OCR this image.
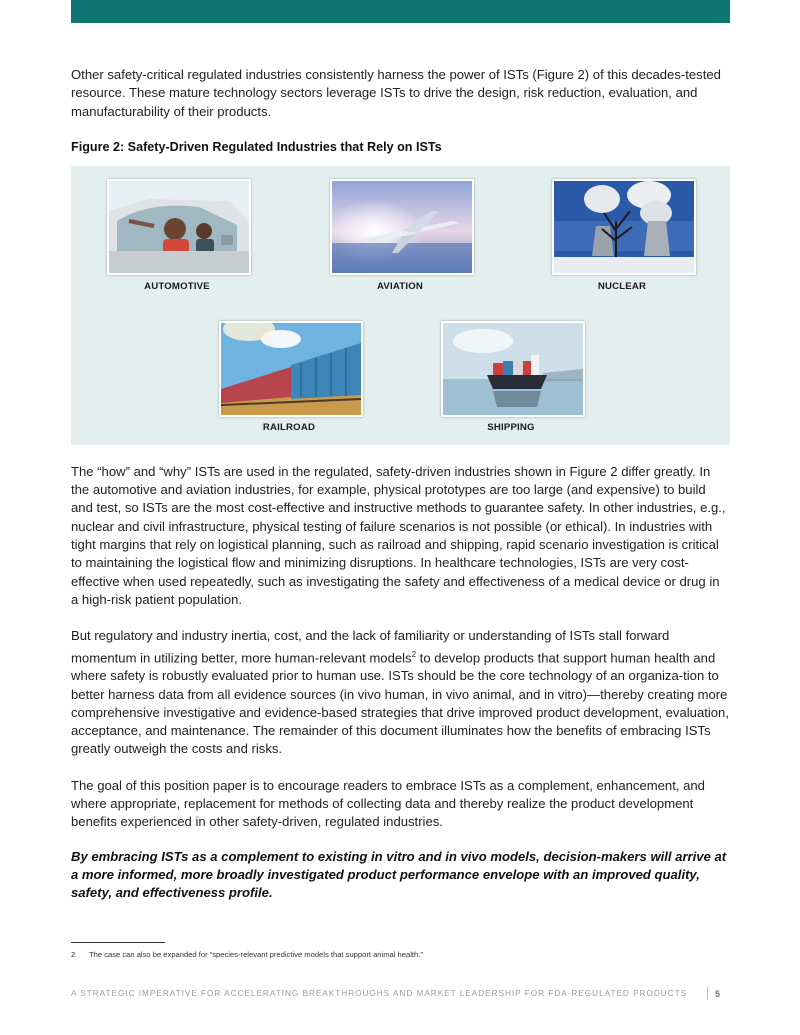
Other safety-critical regulated industries consistently harness the power of ISTs (Figure 2) of this decades-tested resource. These mature technology sectors leverage ISTs to drive the design, risk reduction, evaluation, and manufacturability of their products.

Figure 2: Safety-Driven Regulated Industries that Rely on ISTs

AUTOMOTIVE	AVIATION	NUCLEAR
RAILROAD	SHIPPING

The “how” and “why” ISTs are used in the regulated, safety-driven industries shown in Figure 2 differ greatly. In the automotive and aviation industries, for example, physical prototypes are too large (and expensive) to build and test, so ISTs are the most cost-effective and instructive methods to guarantee safety. In other industries, e.g., nuclear and civil infrastructure, physical testing of failure scenarios is not possible (or ethical). In industries with tight margins that rely on logistical planning, such as railroad and shipping, rapid scenario investigation is critical to maintaining the logistical flow and minimizing disruptions. In healthcare technologies, ISTs are very cost-effective when used repeatedly, such as investigating the safety and effectiveness of a medical device or drug in a high-risk patient population.

But regulatory and industry inertia, cost, and the lack of familiarity or understanding of ISTs stall forward momentum in utilizing better, more human-relevant models$^2$ to develop products that support human health and where safety is robustly evaluated prior to human use. ISTs should be the core technology of an organiza-tion to better harness data from all evidence sources (in vivo human, in vivo animal, and in vitro)—thereby creating more comprehensive investigative and evidence-based strategies that drive improved product development, evaluation, acceptance, and maintenance. The remainder of this document illuminates how the benefits of embracing ISTs greatly outweigh the costs and risks.

The goal of this position paper is to encourage readers to embrace ISTs as a complement, enhancement, and where appropriate, replacement for methods of collecting data and thereby realize the product development benefits experienced in other safety-driven, regulated industries.

By embracing ISTs as a complement to existing in vitro and in vivo models, decision-makers will arrive at a more informed, more broadly investigated product performance envelope with an improved quality, safety, and effectiveness profile.

2 The case can also be expanded for “species-relevant predictive models that support animal health.”
A STRATEGIC IMPERATIVE FOR ACCELERATING BREAKTHROUGHS AND MARKET LEADERSHIP FOR FDA-REGULATED PRODUCTS	5
